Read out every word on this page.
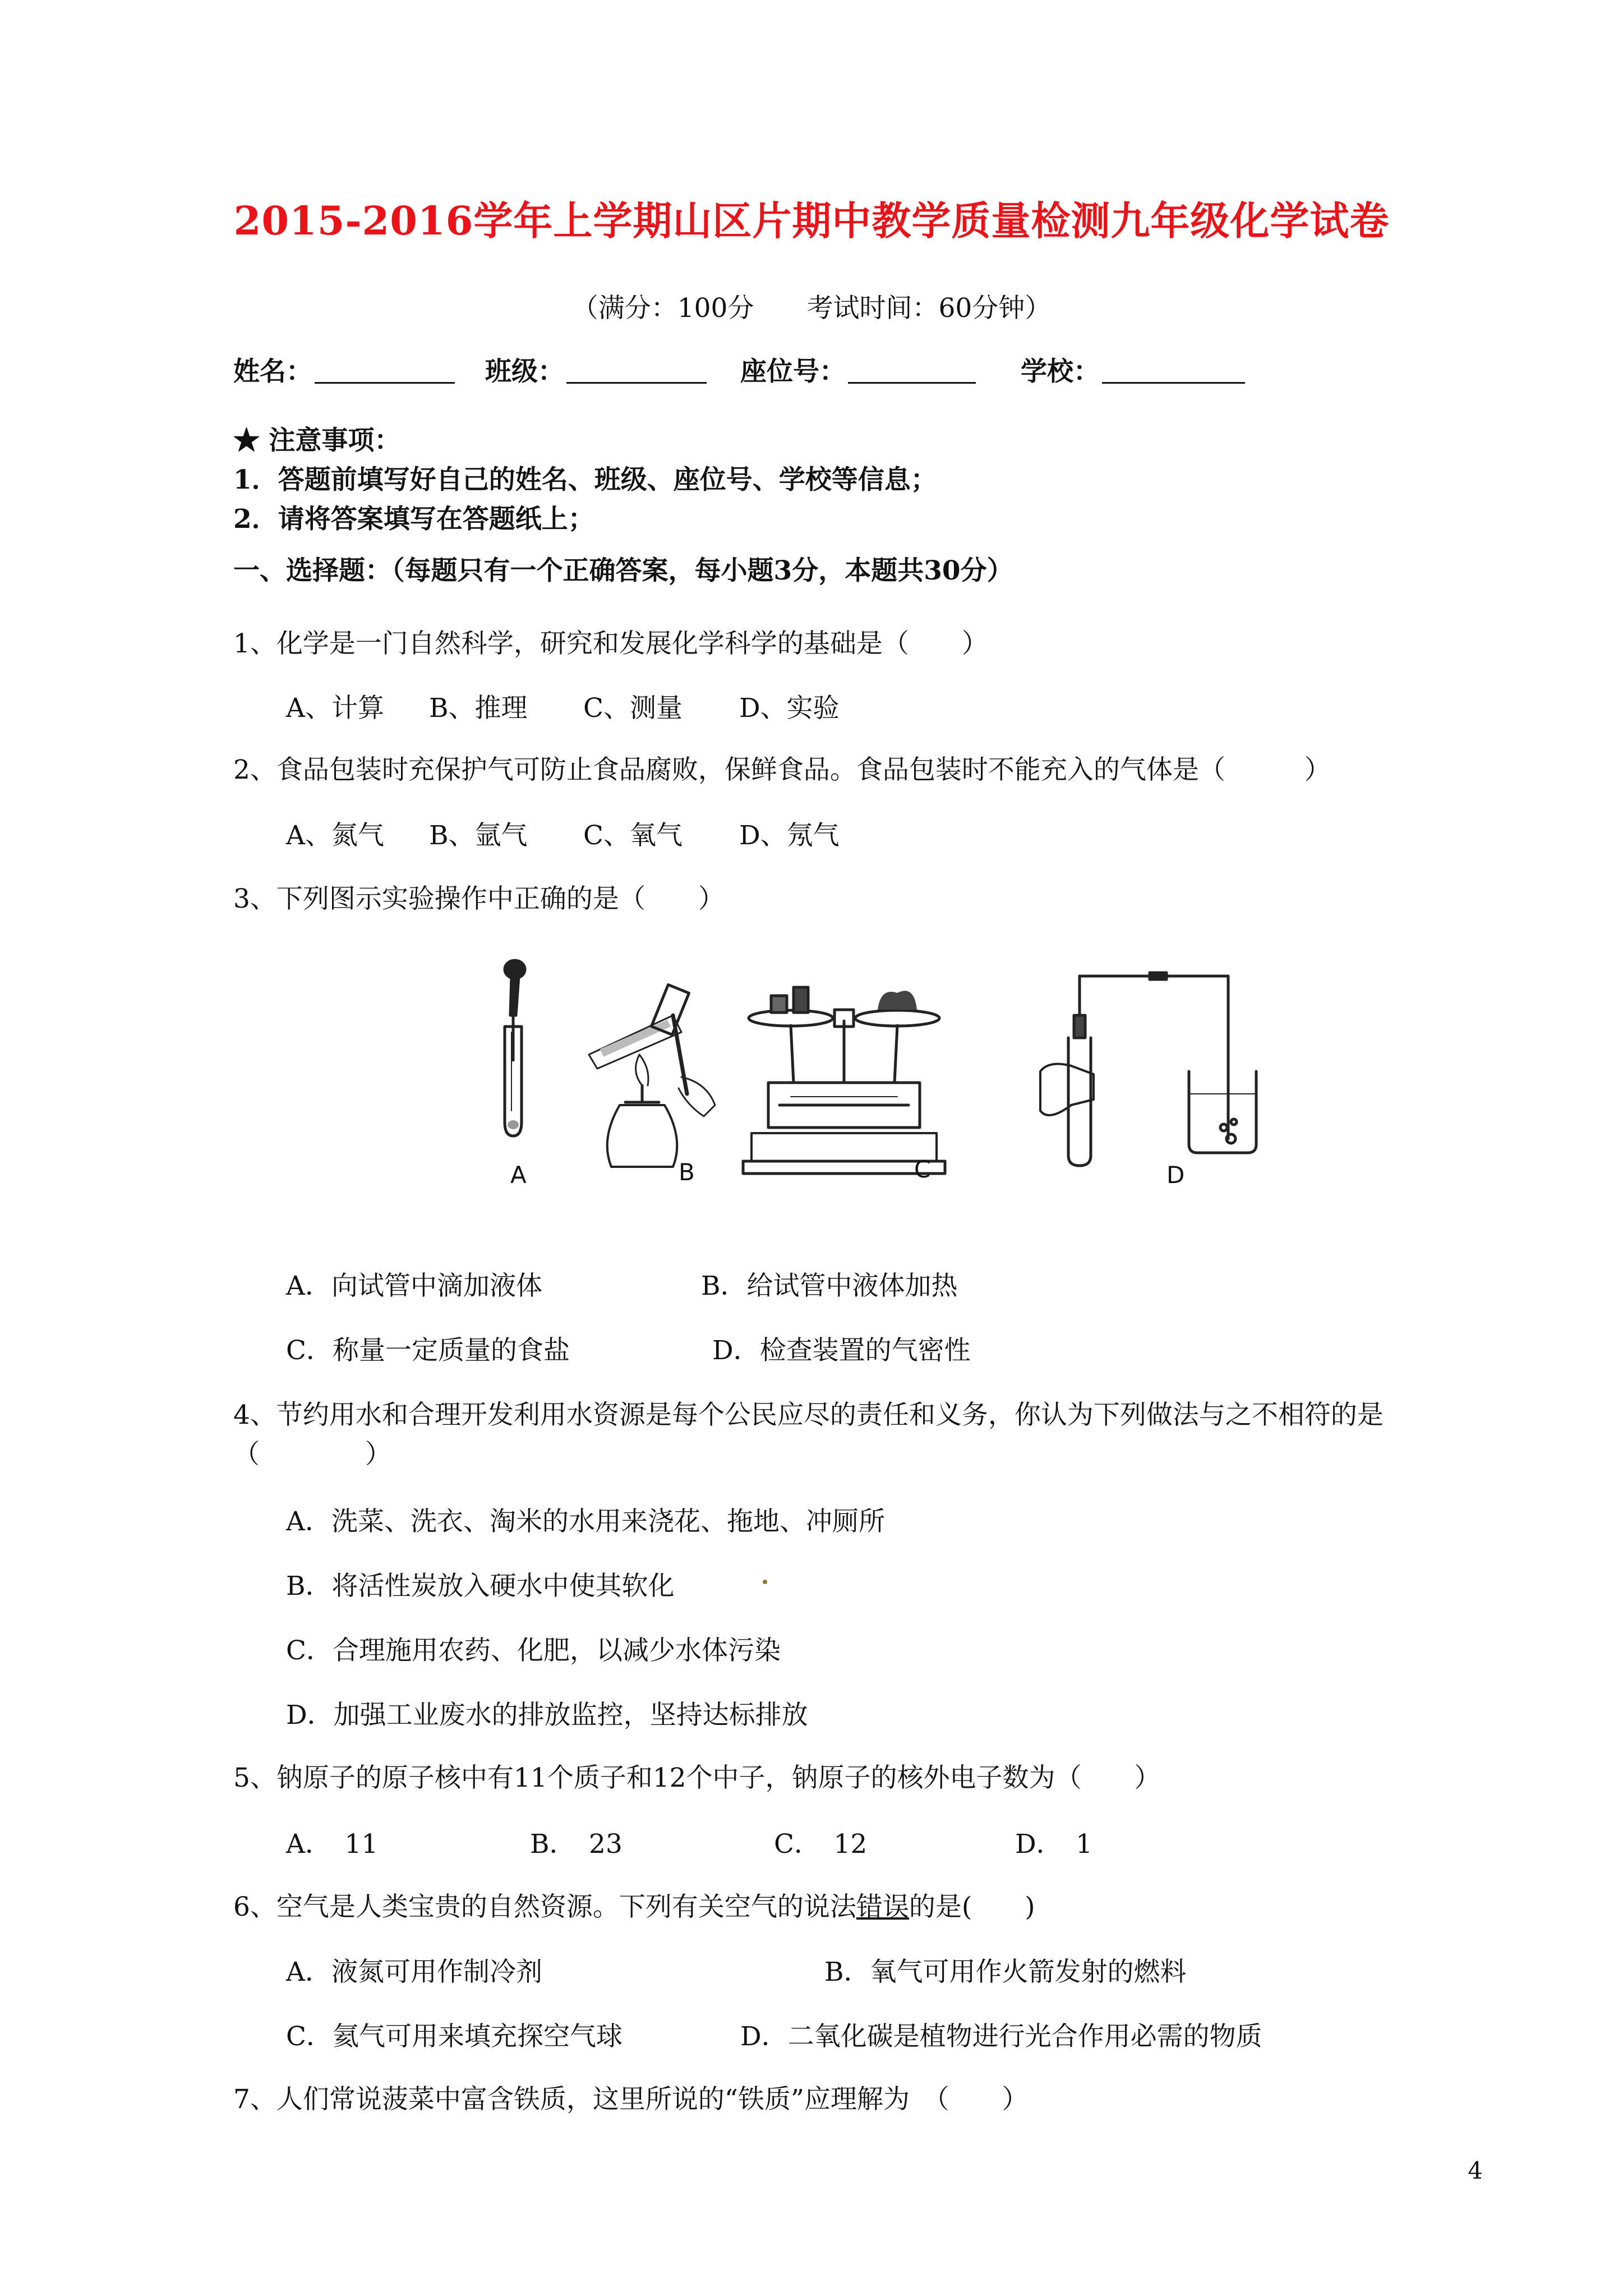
2015-2016学年上学期山区片期中教学质量检测九年级化学试卷
（满分：100分　　考试时间：60分钟）
姓名：	班级：	座位号：	学校：
★ 注意事项：
1．答题前填写好自己的姓名、班级、座位号、学校等信息；
2．请将答案填写在答题纸上；
一、选择题：（每题只有一个正确答案，每小题3分，本题共30分）
1、化学是一门自然科学，研究和发展化学科学的基础是（　　）
A、计算 B、推理 C、测量 D、实验
2、食品包装时充保护气可防止食品腐败，保鲜食品。食品包装时不能充入的气体是（　　　）
A、氮气 B、氩气 C、氧气 D、氖气
3、下列图示实验操作中正确的是（　　）
A	B	C	D
A．向试管中滴加液体	B．给试管中液体加热
C．称量一定质量的食盐	D．检查装置的气密性
4、节约用水和合理开发利用水资源是每个公民应尽的责任和义务，你认为下列做法与之不相符的是
（　　　　）
A．洗菜、洗衣、淘米的水用来浇花、拖地、冲厕所
B．将活性炭放入硬水中使其软化
C．合理施用农药、化肥，以减少水体污染
D．加强工业废水的排放监控，坚持达标排放
5、钠原子的原子核中有11个质子和12个中子，钠原子的核外电子数为（　　）
A．　11	B．　23	C．　12	D．　1
6、空气是人类宝贵的自然资源。下列有关空气的说法错误的是(　　)
A．液氮可用作制冷剂	B．氧气可用作火箭发射的燃料
C．氦气可用来填充探空气球	D．二氧化碳是植物进行光合作用必需的物质
7、人们常说菠菜中富含铁质，这里所说的“铁质”应理解为　（　　）
4
